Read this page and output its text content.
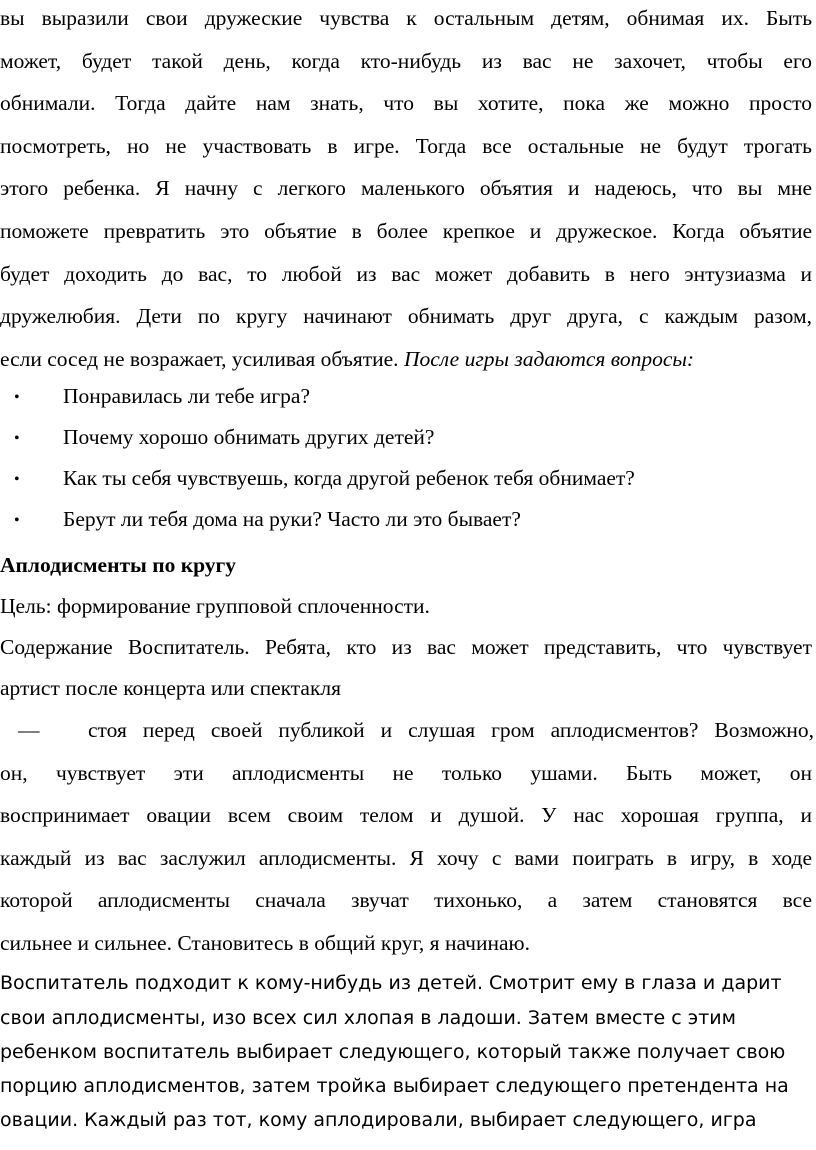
вы выразили свои дружеские чувства к остальным детям, обнимая их. Быть
может, будет такой день, когда кто-нибудь из вас не захочет, чтобы его
обнимали. Тогда дайте нам знать, что вы хотите, пока же можно просто
посмотреть, но не участвовать в игре. Тогда все остальные не будут трогать
этого ребенка. Я начну с легкого маленького объятия и надеюсь, что вы мне
поможете превратить это объятие в более крепкое и дружеское. Когда объятие
будет доходить до вас, то любой из вас может добавить в него энтузиазма и
дружелюбия. Дети по кругу начинают обнимать друг друга, с каждым разом,
если сосед не возражает, усиливая объятие. После игры задаются вопросы:
• Понравилась ли тебе игра?
• Почему хорошо обнимать других детей?
• Как ты себя чувствуешь, когда другой ребенок тебя обнимает?
• Берут ли тебя дома на руки? Часто ли это бывает?
Аплодисменты по кругу
Цель: формирование групповой сплоченности.
Содержание Воспитатель. Ребята, кто из вас может представить, что чувствует
артист после концерта или спектакля
— стоя перед своей публикой и слушая гром аплодисментов? Возможно,
он, чувствует эти аплодисменты не только ушами. Быть может, он
воспринимает овации всем своим телом и душой. У нас хорошая группа, и
каждый из вас заслужил аплодисменты. Я хочу с вами поиграть в игру, в ходе
которой аплодисменты сначала звучат тихонько, а затем становятся все
сильнее и сильнее. Становитесь в общий круг, я начинаю.
Воспитатель подходит к кому-нибудь из детей. Смотрит ему в глаза и дарит
свои аплодисменты, изо всех сил хлопая в ладоши. Затем вместе с этим
ребенком воспитатель выбирает следующего, который также получает свою
порцию аплодисментов, затем тройка выбирает следующего претендента на
овации. Каждый раз тот, кому аплодировали, выбирает следующего, игра
